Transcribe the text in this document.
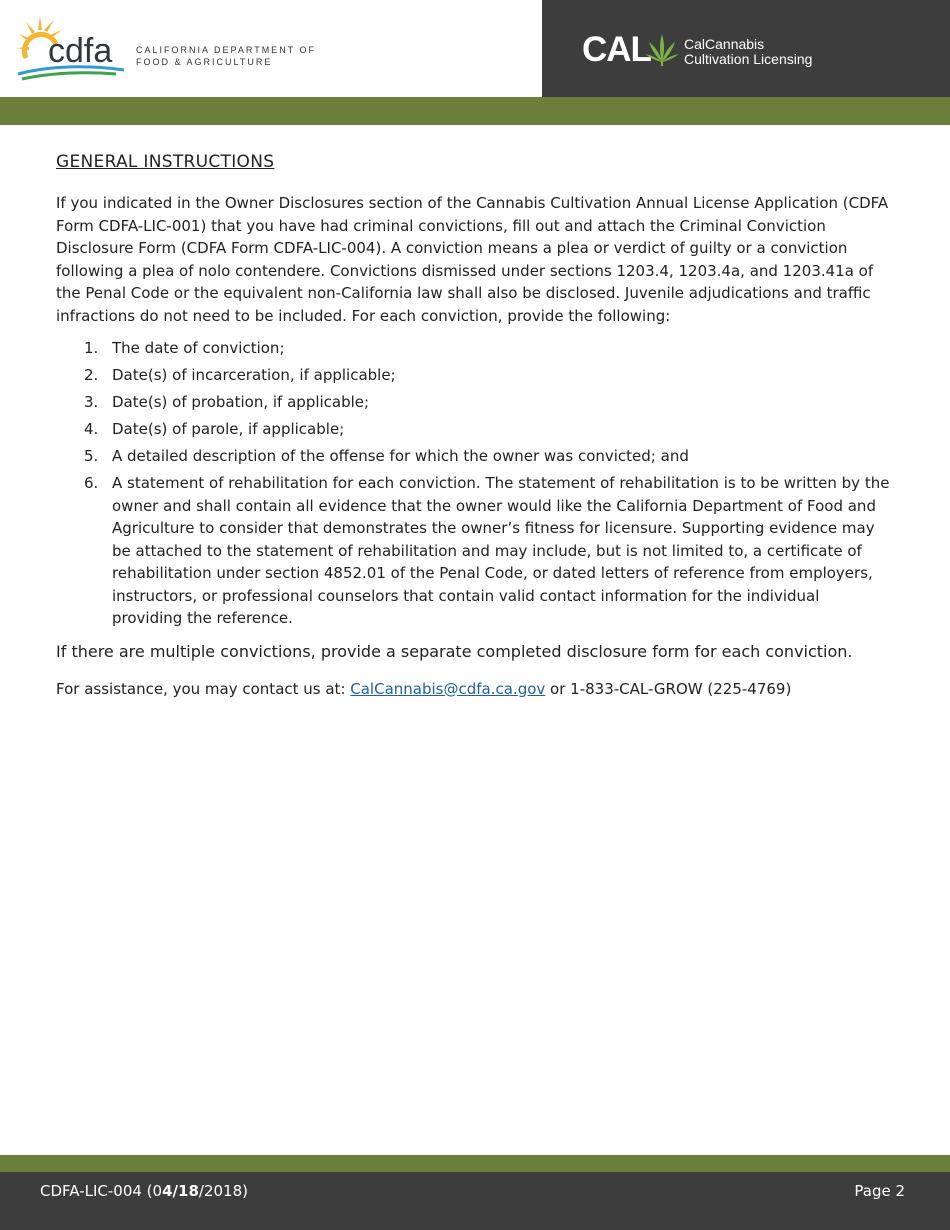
cdfa	CALIFORNIA DEPARTMENT OF
FOOD & AGRICULTURE	CAL CalCannabis
Cultivation Licensing
GENERAL INSTRUCTIONS

If you indicated in the Owner Disclosures section of the Cannabis Cultivation Annual License Application (CDFA Form CDFA-LIC-001) that you have had criminal convictions, fill out and attach the Criminal Conviction Disclosure Form (CDFA Form CDFA-LIC-004). A conviction means a plea or verdict of guilty or a conviction following a plea of nolo contendere. Convictions dismissed under sections 1203.4, 1203.4a, and 1203.41a of the Penal Code or the equivalent non-California law shall also be disclosed. Juvenile adjudications and traffic infractions do not need to be included. For each conviction, provide the following:

1. The date of conviction;
2. Date(s) of incarceration, if applicable;
3. Date(s) of probation, if applicable;
4. Date(s) of parole, if applicable;
5. A detailed description of the offense for which the owner was convicted; and
6. A statement of rehabilitation for each conviction. The statement of rehabilitation is to be written by the owner and shall contain all evidence that the owner would like the California Department of Food and Agriculture to consider that demonstrates the owner’s fitness for licensure. Supporting evidence may be attached to the statement of rehabilitation and may include, but is not limited to, a certificate of rehabilitation under section 4852.01 of the Penal Code, or dated letters of reference from employers, instructors, or professional counselors that contain valid contact information for the individual providing the reference.

If there are multiple convictions, provide a separate completed disclosure form for each conviction.

For assistance, you may contact us at: CalCannabis@cdfa.ca.gov or 1-833-CAL-GROW (225-4769)

CDFA-LIC-004 (04/18/2018)	Page 2
